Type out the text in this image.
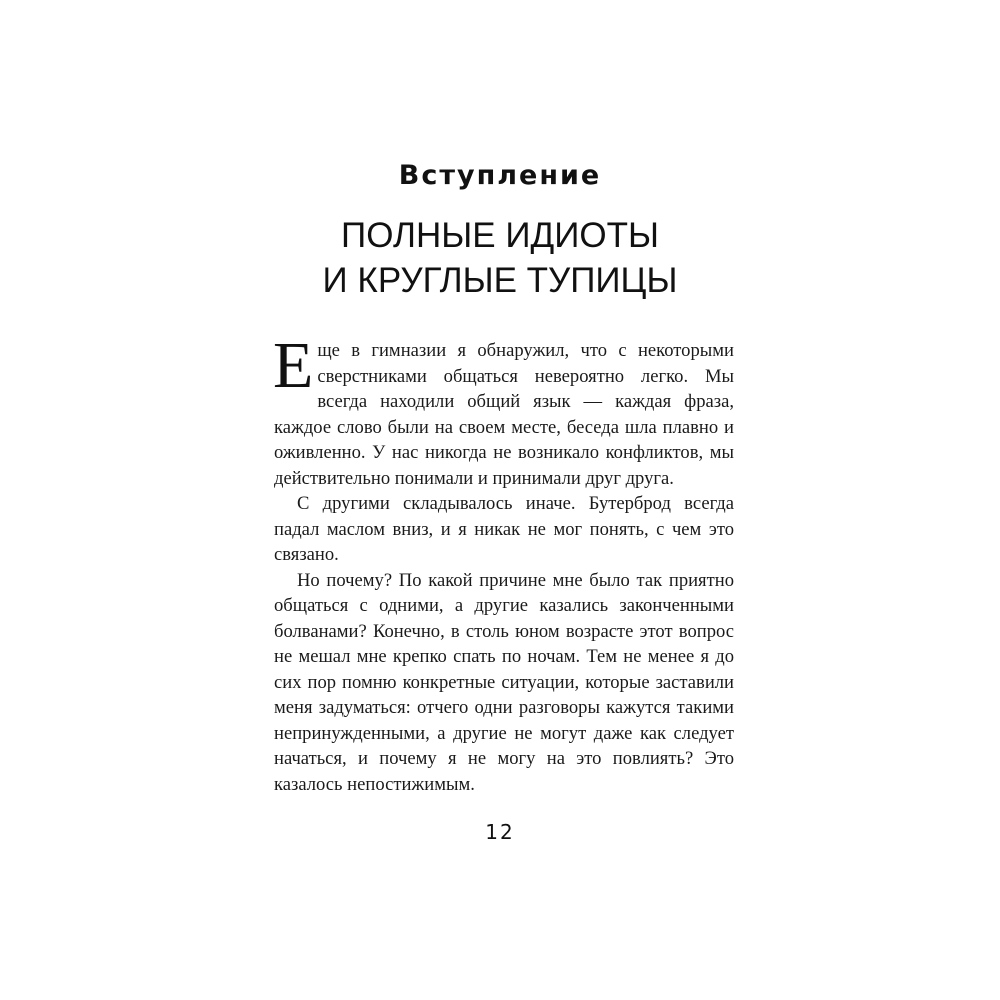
Вступление
ПОЛНЫЕ ИДИОТЫ
И КРУГЛЫЕ ТУПИЦЫ

Еще в гимназии я обнаружил, что с некоторыми сверстниками общаться невероятно легко. Мы всегда находили общий язык — каждая фраза, каждое слово были на своем месте, беседа шла плавно и оживленно. У нас никогда не возникало конфликтов, мы действительно понимали и принимали друг друга.

С другими складывалось иначе. Бутерброд всегда падал маслом вниз, и я никак не мог понять, с чем это связано.

Но почему? По какой причине мне было так приятно общаться с одними, а другие казались законченными болванами? Конечно, в столь юном возрасте этот вопрос не мешал мне крепко спать по ночам. Тем не менее я до сих пор помню конкретные ситуации, которые заставили меня задуматься: отчего одни разговоры кажутся такими непринужденными, а другие не могут даже как следует начаться, и почему я не могу на это повлиять? Это казалось непостижимым.

12
